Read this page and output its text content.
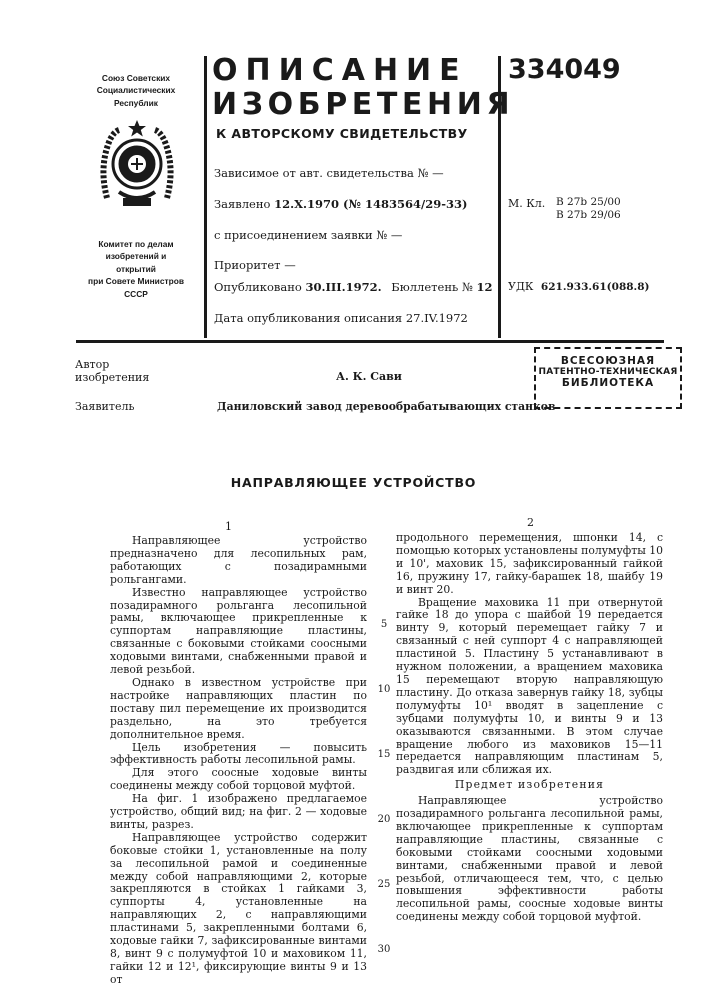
Союз Советских
Социалистических
Республик
Комитет по делам
изобретений и открытий
при Совете Министров
СССР
ОПИСАНИЕ
ИЗОБРЕТЕНИЯ
К АВТОРСКОМУ СВИДЕТЕЛЬСТВУ
334049
Зависимое от авт. свидетельства № —
Заявлено 12.X.1970 (№ 1483564/29-33)
с присоединением заявки № —
Приоритет —
Опубликовано 30.III.1972. Бюллетень № 12
Дата опубликования описания 27.IV.1972
М. Кл. В 27b 25/00
В 27b 29/06
УДК 621.933.61(088.8)
Автор
изобретения	А. К. Сави
Заявитель	Даниловский завод деревообрабатывающих станков
ВСЕСОЮЗНАЯ
ПАТЕНТНО-ТЕХНИЧЕСКАЯ
БИБЛИОТЕКА
НАПРАВЛЯЮЩЕЕ УСТРОЙСТВО
1

Направляющее устройство предназначено для лесопильных рам, работающих с позадирамными рольгангами.

Известно направляющее устройство позадирамного рольганга лесопильной рамы, включающее прикрепленные к суппортам направляющие пластины, связанные с боковыми стойками соосными ходовыми винтами, снабженными правой и левой резьбой.

Однако в известном устройстве при настройке направляющих пластин по поставу пил перемещение их производится раздельно, на это требуется дополнительное время.

Цель изобретения — повысить эффективность работы лесопильной рамы.

Для этого соосные ходовые винты соединены между собой торцовой муфтой.

На фиг. 1 изображено предлагаемое устройство, общий вид; на фиг. 2 — ходовые винты, разрез.

Направляющее устройство содержит боковые стойки 1, установленные на полу за лесопильной рамой и соединенные между собой направляющими 2, которые закрепляются в стойках 1 гайками 3, суппорты 4, установленные на направляющих 2, с направляющими пластинами 5, закрепленными болтами 6, ходовые гайки 7, зафиксированные винтами 8, винт 9 с полумуфтой 10 и маховиком 11, гайки 12 и 12¹, фиксирующие винты 9 и 13 от

5
10
15
20
25
30
2

продольного перемещения, шпонки 14, с помощью которых установлены полумуфты 10 и 10', маховик 15, зафиксированный гайкой 16, пружину 17, гайку-барашек 18, шайбу 19 и винт 20.

Вращение маховика 11 при отвернутой гайке 18 до упора с шайбой 19 передается винту 9, который перемещает гайку 7 и связанный с ней суппорт 4 с направляющей пластиной 5. Пластину 5 устанавливают в нужном положении, а вращением маховика 15 перемещают вторую направляющую пластину. До отказа завернув гайку 18, зубцы полумуфты 10¹ вводят в зацепление с зубцами полумуфты 10, и винты 9 и 13 оказываются связанными. В этом случае вращение любого из маховиков 15—11 передается направляющим пластинам 5, раздвигая или сближая их.

Предмет изобретения

Направляющее устройство позадирамного рольганга лесопильной рамы, включающее прикрепленные к суппортам направляющие пластины, связанные с боковыми стойками соосными ходовыми винтами, снабженными правой и левой резьбой, отличающееся тем, что, с целью повышения эффективности работы лесопильной рамы, соосные ходовые винты соединены между собой торцовой муфтой.
